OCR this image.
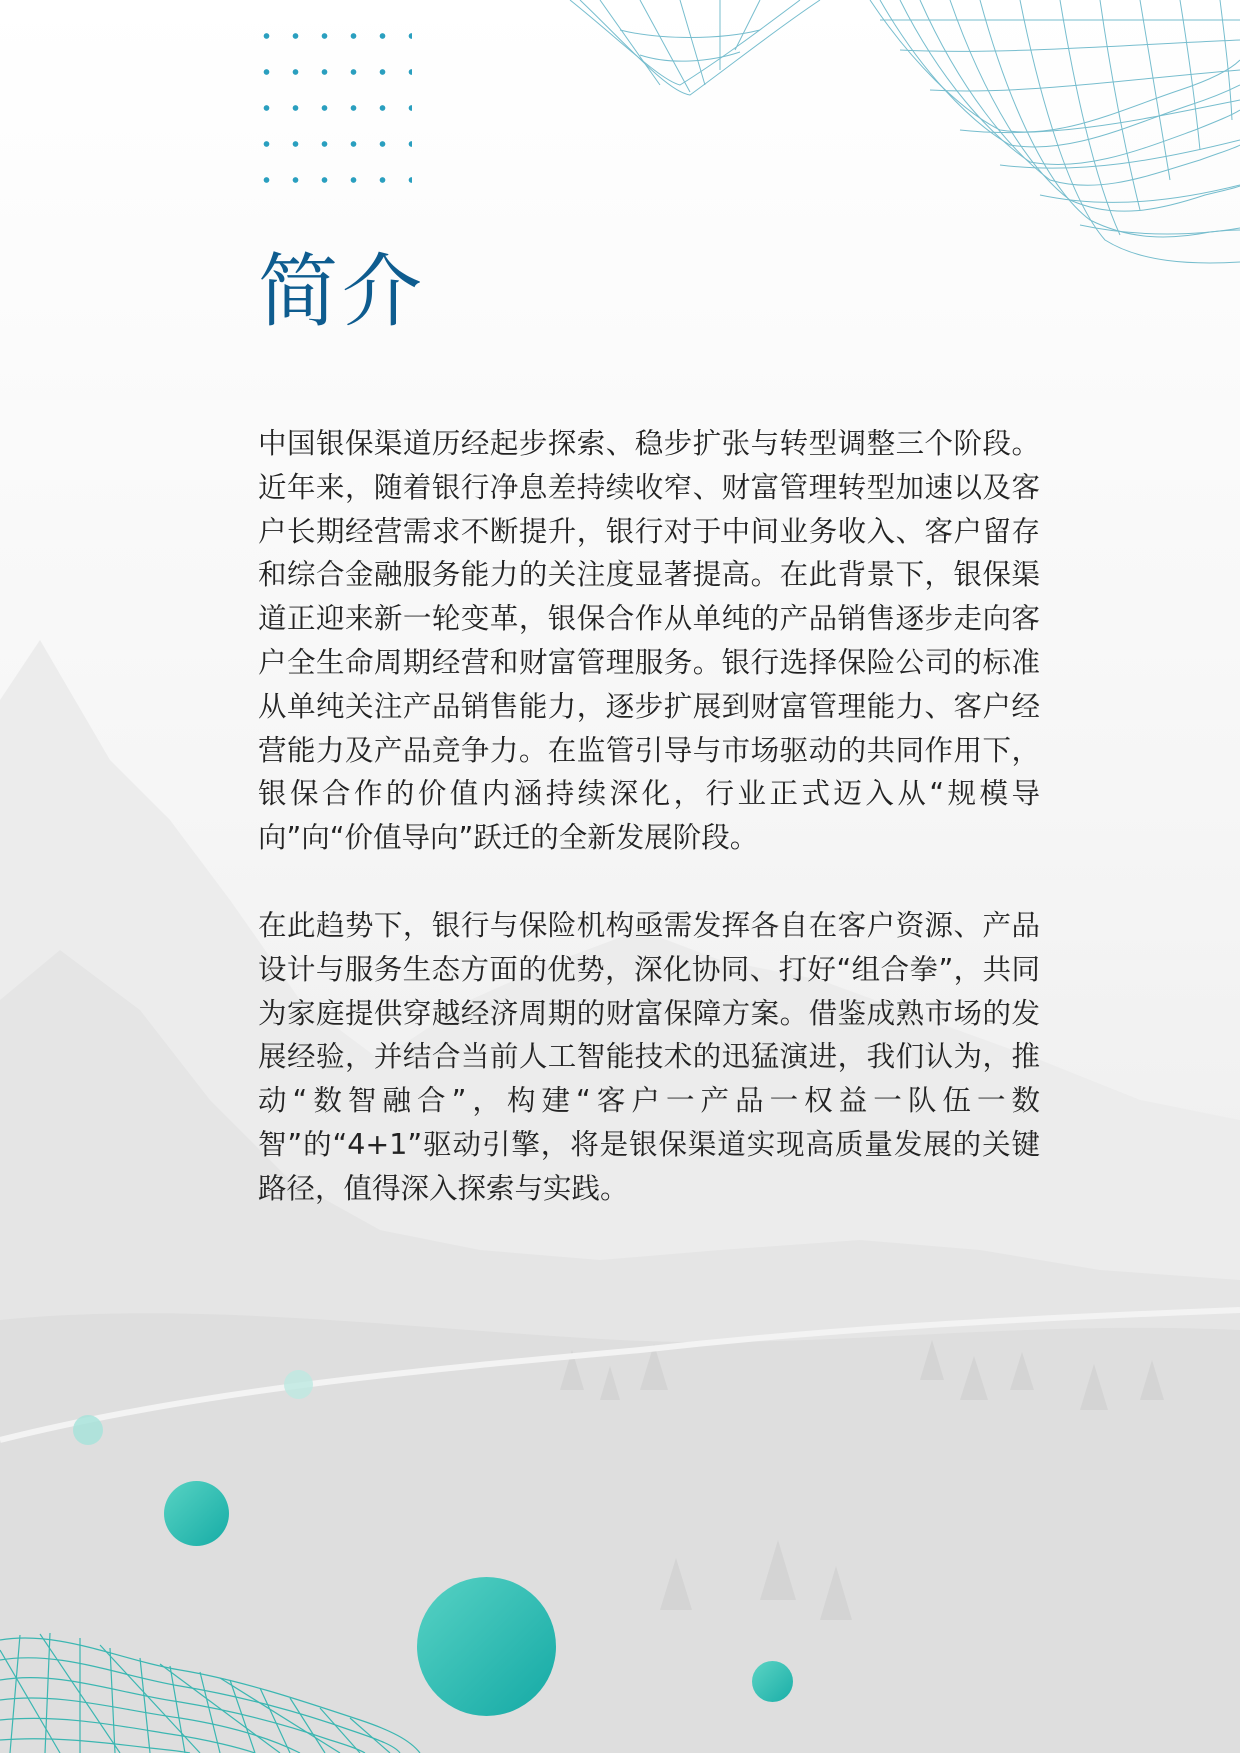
简介

中国银保渠道历经起步探索、稳步扩张与转型调整三个阶段。近年来，随着银行净息差持续收窄、财富管理转型加速以及客户长期经营需求不断提升，银行对于中间业务收入、客户留存和综合金融服务能力的关注度显著提高。在此背景下，银保渠道正迎来新一轮变革，银保合作从单纯的产品销售逐步走向客户全生命周期经营和财富管理服务。银行选择保险公司的标准从单纯关注产品销售能力，逐步扩展到财富管理能力、客户经营能力及产品竞争力。在监管引导与市场驱动的共同作用下，银保合作的价值内涵持续深化，行业正式迈入从“规模导向”向“价值导向”跃迁的全新发展阶段。

在此趋势下，银行与保险机构亟需发挥各自在客户资源、产品设计与服务生态方面的优势，深化协同、打好“组合拳”，共同为家庭提供穿越经济周期的财富保障方案。借鉴成熟市场的发展经验，并结合当前人工智能技术的迅猛演进，我们认为，推动“数智融合”，构建“客户一产品一权益一队伍一数智”的“4+1”驱动引擎，将是银保渠道实现高质量发展的关键路径，值得深入探索与实践。
